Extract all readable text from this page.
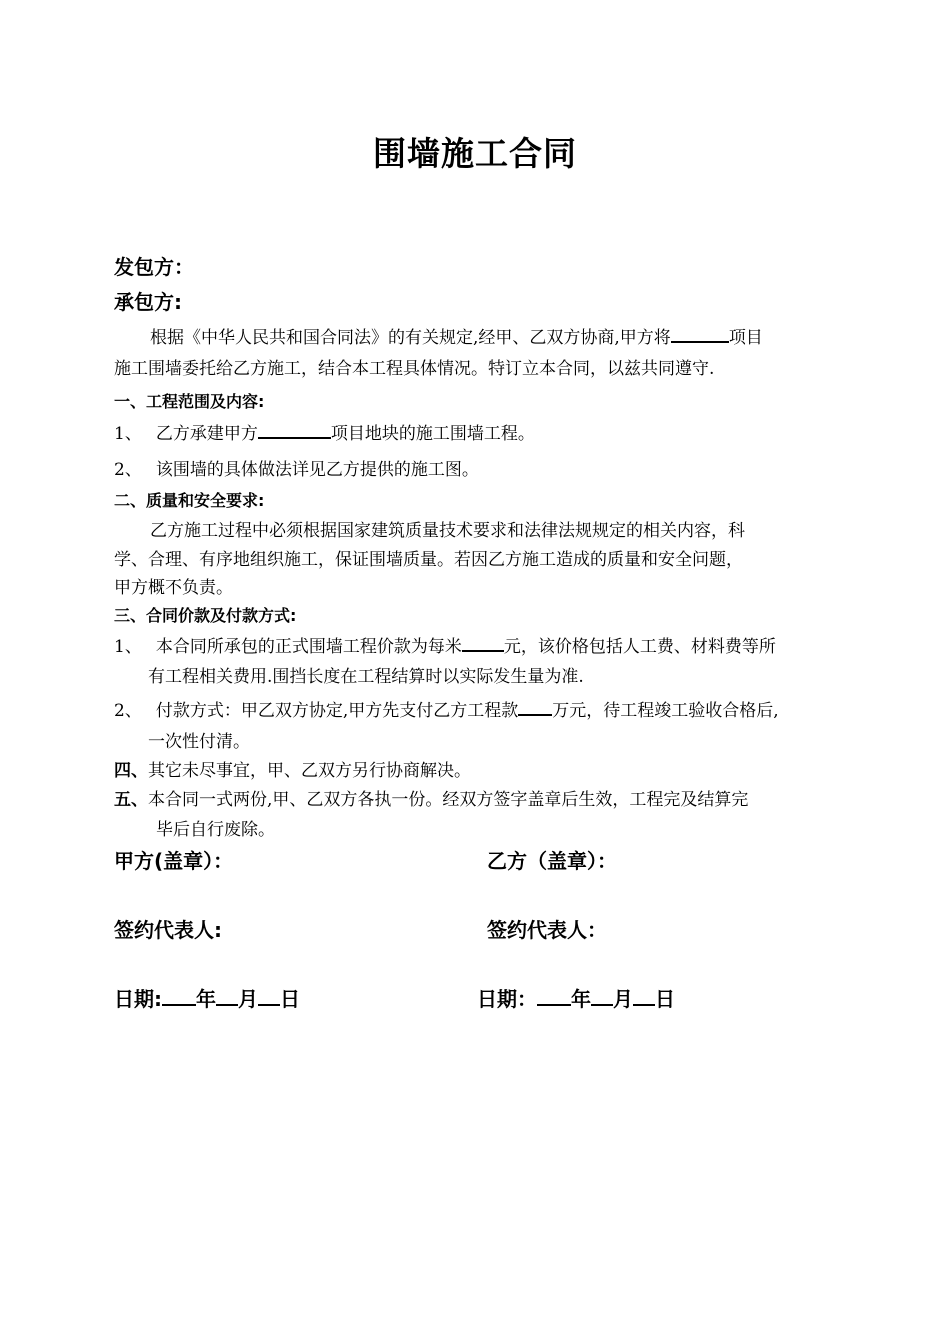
围墙施工合同
发包方：
承包方:
根据《中华人民共和国合同法》的有关规定,经甲、乙双方协商,甲方将	项目
施工围墙委托给乙方施工，结合本工程具体情况。特订立本合同，以兹共同遵守.
一、工程范围及内容:
1、 乙方承建甲方	项目地块的施工围墙工程。
2、 该围墙的具体做法详见乙方提供的施工图。
二、质量和安全要求:
乙方施工过程中必须根据国家建筑质量技术要求和法律法规规定的相关内容，科
学、合理、有序地组织施工，保证围墙质量。若因乙方施工造成的质量和安全问题，
甲方概不负责。
三、合同价款及付款方式:
1、 本合同所承包的正式围墙工程价款为每米 元，该价格包括人工费、材料费等所
有工程相关费用.围挡长度在工程结算时以实际发生量为准.
2、 付款方式：甲乙双方协定,甲方先支付乙方工程款 万元，待工程竣工验收合格后,
一次性付清。
四、其它未尽事宜，甲、乙双方另行协商解决。
五、本合同一式两份,甲、乙双方各执一份。经双方签字盖章后生效，工程完及结算完
毕后自行废除。
甲方(盖章）：	乙方（盖章）：
签约代表人:	签约代表人：
日期: 年 月 日	日期： 年 月 日
